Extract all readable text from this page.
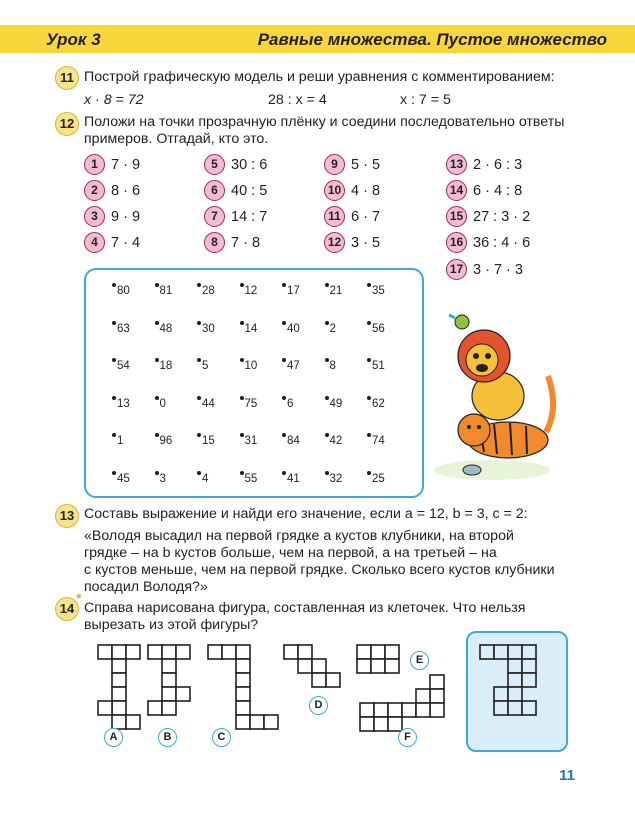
Урок 3	Равные множества. Пустое множество
11 Построй графическую модель и реши уравнения с комментированием:
x · 8 = 72	28 : x = 4	x : 7 = 5
12 Положи на точки прозрачную плёнку и соедини последовательно ответы
примеров. Отгадай, кто это.
1 7 · 9
2 8 · 6
3 9 · 9
4 7 · 4
5 30 : 6
6 40 : 5
7 14 : 7
8 7 · 8
9 5 · 5
10 4 · 8
11 6 · 7
12 3 · 5
13 2 · 6 : 3
14 6 · 4 : 8
15 27 : 3 · 2
16 36 : 4 · 6
17 3 · 7 · 3
80	81	28	12	17	21	35
63	48	30	14	40	2	56
54	18	5	10	47	8	51
13	0	44	75	6	49	62
1	96	15	31	84	42	74
45	3	4	55	41	32	25
13 Составь выражение и найди его значение, если a = 12, b = 3, c = 2:
«Володя высадил на первой грядке a кустов клубники, на второй
грядке – на b кустов больше, чем на первой, а на третьей – на
c кустов меньше, чем на первой грядке. Сколько всего кустов клубники
посадил Володя?»
14
*
Справа нарисована фигура, составленная из клеточек. Что нельзя
вырезать из этой фигуры?
A	B	C
D
E
F
11
